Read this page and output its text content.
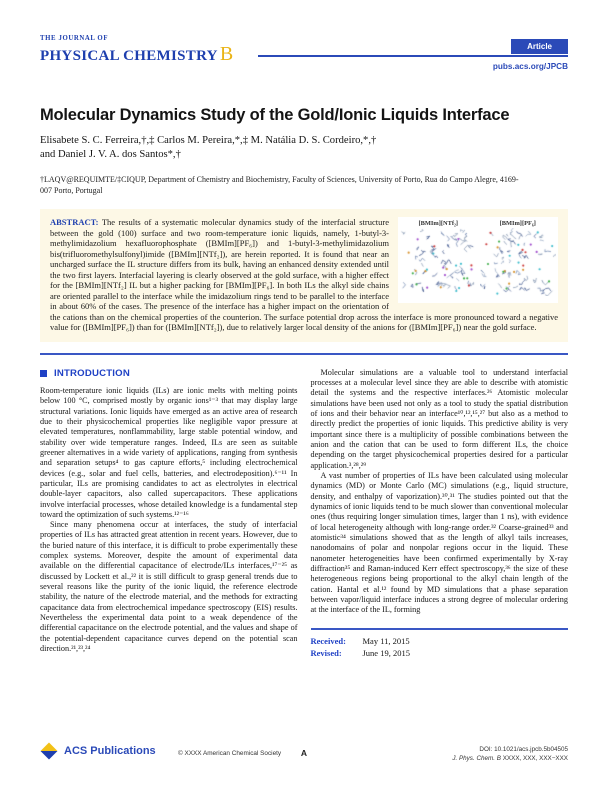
THE JOURNAL OF
PHYSICAL CHEMISTRY B	Article
pubs.acs.org/JPCB
Molecular Dynamics Study of the Gold/Ionic Liquids Interface
Elisabete S. C. Ferreira,†,‡ Carlos M. Pereira,*,‡ M. Natália D. S. Cordeiro,*,†
and Daniel J. V. A. dos Santos*,†
†LAQV@REQUIMTE/‡CIQUP, Department of Chemistry and Biochemistry, Faculty of Sciences, University of Porto, Rua do Campo Alegre, 4169-007 Porto, Portugal
[BMIm][NTf₂]	[BMIm][PF₆]
ABSTRACT: The results of a systematic molecular dynamics study of the interfacial structure between the gold (100) surface and two room-temperature ionic liquids, namely, 1-butyl-3-methylimidazolium hexafluorophosphate ([BMIm][PF₆]) and 1-butyl-3-methylimidazolium bis(trifluoromethylsulfonyl)imide ([BMIm][NTf₂]), are herein reported. It is found that near an uncharged surface the IL structure differs from its bulk, having an enhanced density extended until the two first layers. Interfacial layering is clearly observed at the gold surface, with a higher effect for the [BMIm][NTf₂] IL but a higher packing for [BMIm][PF₆]. In both ILs the alkyl side chains are oriented parallel to the interface while the imidazolium rings tend to be parallel to the interface in about 60% of the cases. The presence of the interface has a higher impact on the orientation of the cations than on the chemical properties of the counterion. The surface potential drop across the interface is more pronounced toward a negative value for ([BMIm][PF₆]) than for ([BMIm][NTf₂]), due to relatively larger local density of the anions for ([BMIm][PF₆]) near the gold surface.
INTRODUCTION

Room-temperature ionic liquids (ILs) are ionic melts with melting points below 100 °C, comprised mostly by organic ions¹⁻³ that may display large structural variations. Ionic liquids have emerged as an active area of research due to their physicochemical properties like negligible vapor pressure at elevated temperatures, nonflammability, large stable potential window, and stability over wide temperature ranges. Indeed, ILs are seen as suitable greener alternatives in a wide variety of applications, ranging from synthesis and separation setups⁴ to gas capture efforts,⁵ including electrochemical devices (e.g., solar and fuel cells, batteries, and electrodeposition).⁶⁻¹¹ In particular, ILs are promising candidates to act as electrolytes in electrical double-layer capacitors, also called supercapacitors. These applications involve interfacial processes, whose detailed knowledge is a fundamental step toward the optimization of such systems.¹²⁻¹⁶

Since many phenomena occur at interfaces, the study of interfacial properties of ILs has attracted great attention in recent years. However, due to the buried nature of this interface, it is difficult to probe experimentally these complex systems. Moreover, despite the amount of experimental data available on the differential capacitance of electrode/ILs interfaces,¹⁷⁻²⁵ as discussed by Lockett et al.,²² it is still difficult to grasp general trends due to several reasons like the purity of the ionic liquid, the reference electrode stability, the nature of the electrode material, and the methods for extracting capacitance data from electrochemical impedance spectroscopy (EIS) results. Nevertheless the experimental data point to a weak dependence of the differential capacitance on the electrode potential, and the values and shape of the potential-dependent capacitance curves depend on the potential scan direction.²¹,²³,²⁴

Molecular simulations are a valuable tool to understand interfacial processes at a molecular level since they are able to describe with atomistic detail the systems and the respective interfaces.²⁶ Atomistic molecular simulations have been used not only as a tool to study the spatial distribution of ions and their behavior near an interface¹⁰,¹²,¹⁵,²⁷ but also as a method to directly predict the properties of ionic liquids. This predictive ability is very important since there is a multiplicity of possible combinations between the anion and the cation that can be used to form different ILs, the choice depending on the target physicochemical properties desired for a particular application.³,²⁸,²⁹

A vast number of properties of ILs have been calculated using molecular dynamics (MD) or Monte Carlo (MC) simulations (e.g., liquid structure, density, and enthalpy of vaporization).³⁰,³¹ The studies pointed out that the dynamics of ionic liquids tend to be much slower than conventional molecular ones (thus requiring longer simulation times, larger than 1 ns), with evidence of local heterogeneity although with long-range order.³² Coarse-grained³³ and atomistic³⁴ simulations showed that as the length of alkyl tails increases, nanodomains of polar and nonpolar regions occur in the liquid. These nanometer heterogeneities have been confirmed experimentally by X-ray diffraction³⁵ and Raman-induced Kerr effect spectroscopy,³⁶ the size of these heterogeneous regions being proportional to the alkyl chain length of the cation. Hantal et al.¹² found by MD simulations that a phase separation between vapor/liquid interface induces a strong degree of molecular ordering at the interface of the IL, forming

Received:	May 11, 2015
Revised:	June 19, 2015
ACS Publications	© XXXX American Chemical Society A	DOI: 10.1021/acs.jpcb.5b04505
J. Phys. Chem. B XXXX, XXX, XXX−XXX
